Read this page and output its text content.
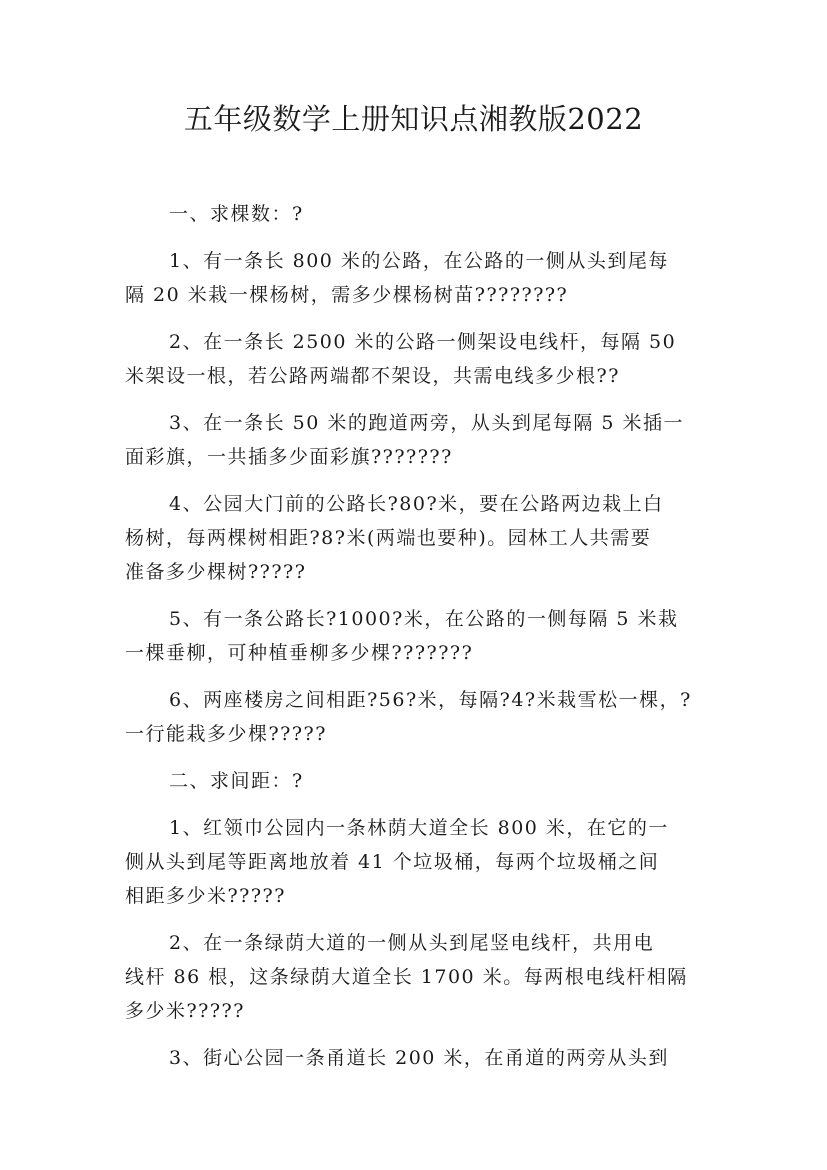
五年级数学上册知识点湘教版2022
一、求棵数：?
1、有一条长 800 米的公路，在公路的一侧从头到尾每
隔 20 米栽一棵杨树，需多少棵杨树苗????????
2、在一条长 2500 米的公路一侧架设电线杆，每隔 50
米架设一根，若公路两端都不架设，共需电线多少根??
3、在一条长 50 米的跑道两旁，从头到尾每隔 5 米插一
面彩旗，一共插多少面彩旗???????
4、公园大门前的公路长?80?米，要在公路两边栽上白
杨树，每两棵树相距?8?米(两端也要种)。园林工人共需要
准备多少棵树?????
5、有一条公路长?1000?米，在公路的一侧每隔 5 米栽
一棵垂柳，可种植垂柳多少棵???????
6、两座楼房之间相距?56?米，每隔?4?米栽雪松一棵，?
一行能栽多少棵?????
二、求间距：?
1、红领巾公园内一条林荫大道全长 800 米，在它的一
侧从头到尾等距离地放着 41 个垃圾桶，每两个垃圾桶之间
相距多少米?????
2、在一条绿荫大道的一侧从头到尾竖电线杆，共用电
线杆 86 根，这条绿荫大道全长 1700 米。每两根电线杆相隔
多少米?????
3、街心公园一条甬道长 200 米，在甬道的两旁从头到
